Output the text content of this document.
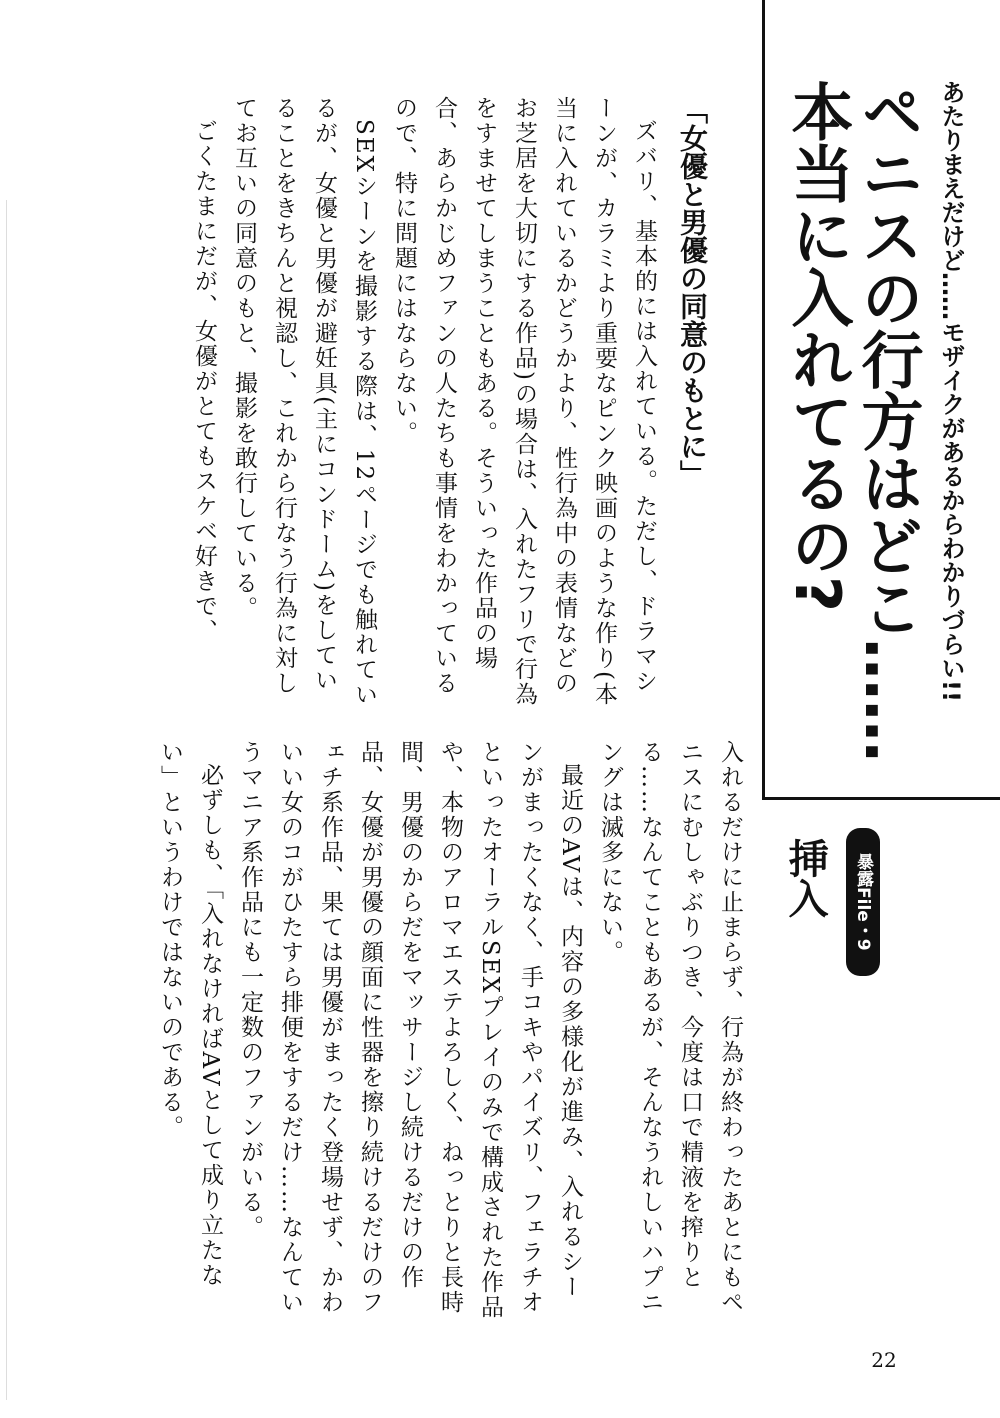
あたりまえだけど……モザイクがあるからわかりづらい!!
ペニスの行方はどこ……
本当に入れてるの?
暴露File・9
挿入
「女優と男優の同意のもとに」

ズバリ、基本的には入れている。ただし、ドラマシーンが、カラミより重要なピンク映画のような作り(本当に入れているかどうかより、性行為中の表情などのお芝居を大切にする作品)の場合は、入れたフリで行為をすませてしまうこともある。そういった作品の場合、あらかじめファンの人たちも事情をわかっているので、特に問題にはならない。

SEXシーンを撮影する際は、12ページでも触れているが、女優と男優が避妊具(主にコンドーム)をしていることをきちんと視認し、これから行なう行為に対してお互いの同意のもと、撮影を敢行している。

ごくたまにだが、女優がとてもスケベ好きで、

入れるだけに止まらず、行為が終わったあとにもペニスにむしゃぶりつき、今度は口で精液を搾りとる……なんてこともあるが、そんなうれしいハプニングは滅多にない。

最近のAVは、内容の多様化が進み、入れるシーンがまったくなく、手コキやパイズリ、フェラチオといったオーラルSEXプレイのみで構成された作品や、本物のアロマエステよろしく、ねっとりと長時間、男優のからだをマッサージし続けるだけの作品、女優が男優の顔面に性器を擦り続けるだけのフェチ系作品、果ては男優がまったく登場せず、かわいい女のコがひたすら排便をするだけ……なんていうマニア系作品にも一定数のファンがいる。

必ずしも、「入れなければAVとして成り立たない」というわけではないのである。

22
